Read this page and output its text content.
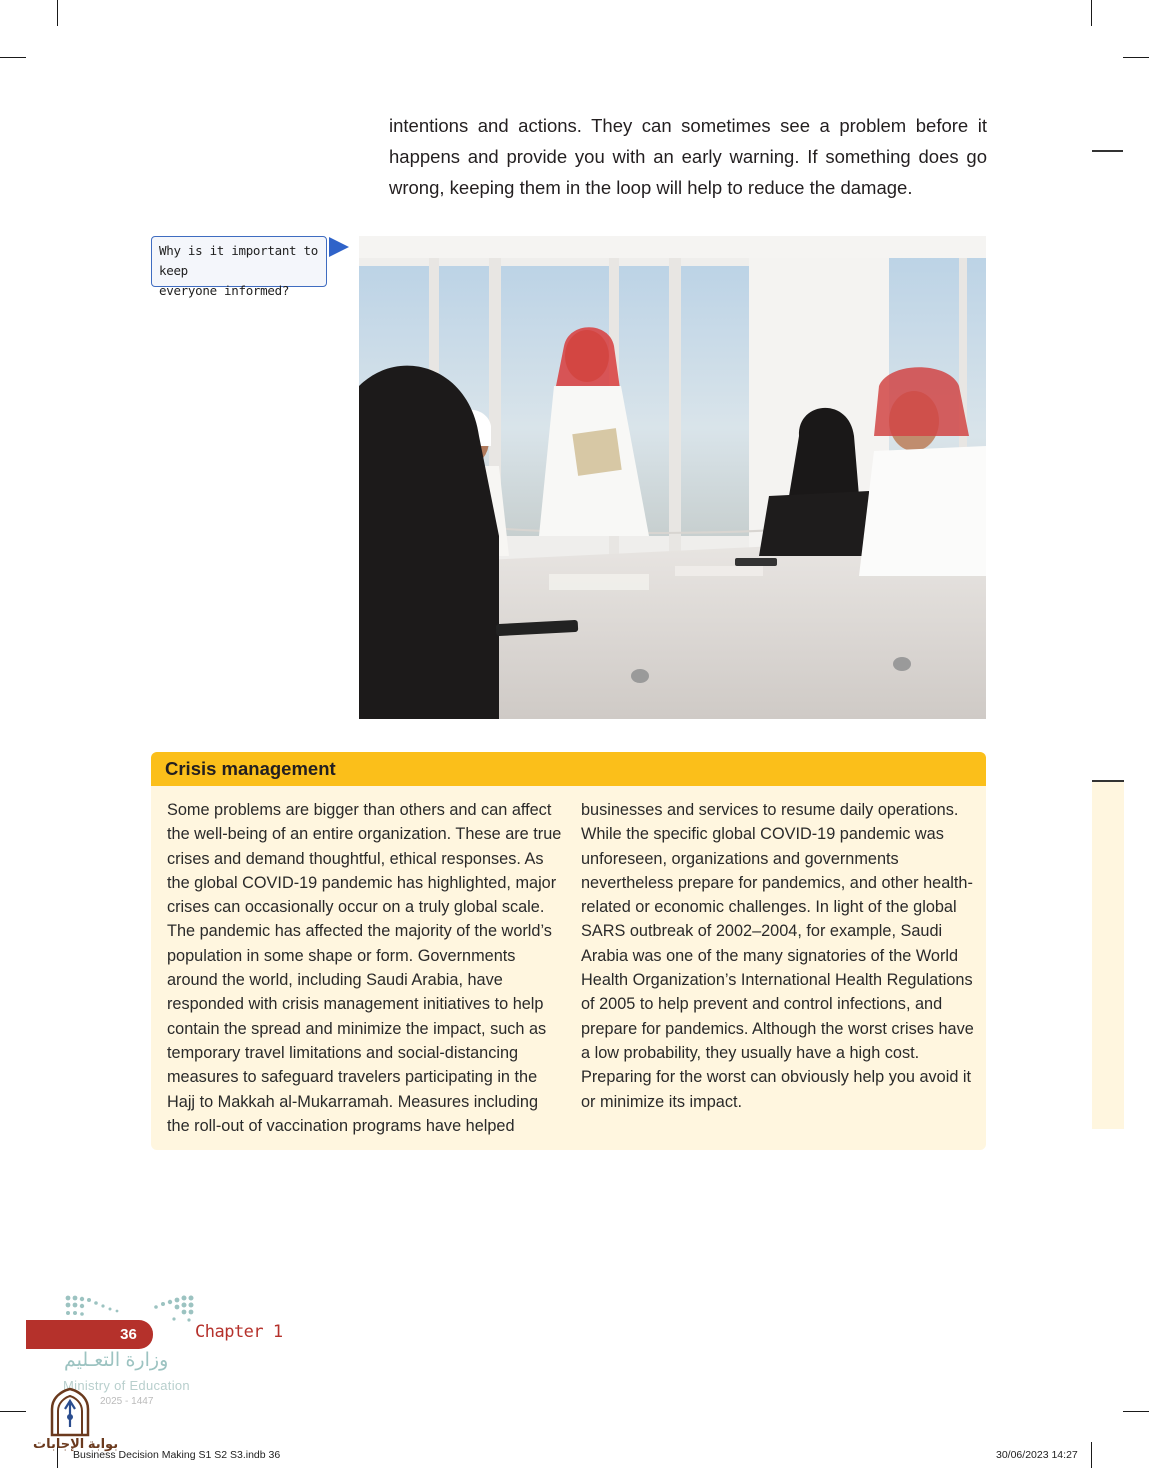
intentions and actions. They can sometimes see a problem before it happens and provide you with an early warning. If something does go wrong, keeping them in the loop will help to reduce the damage.

Why is it important to keep
everyone informed?
Crisis management

Some problems are bigger than others and can affect the well-being of an entire organization. These are true crises and demand thoughtful, ethical responses. As the global COVID-19 pandemic has highlighted, major crises can occasionally occur on a truly global scale. The pandemic has affected the majority of the world’s population in some shape or form. Governments around the world, including Saudi Arabia, have responded with crisis management initiatives to help contain the spread and minimize the impact, such as temporary travel limitations and social-distancing measures to safeguard travelers participating in the Hajj to Makkah al-Mukarramah. Measures including the roll-out of vaccination programs have helped

businesses and services to resume daily operations. While the specific global COVID-19 pandemic was unforeseen, organizations and governments nevertheless prepare for pandemics, and other health-related or economic challenges. In light of the global SARS outbreak of 2002–2004, for example, Saudi Arabia was one of the many signatories of the World Health Organization’s International Health Regulations of 2005 to help prevent and control infections, and prepare for pandemics. Although the worst crises have a low probability, they usually have a high cost. Preparing for the worst can obviously help you avoid it or minimize its impact.

36	Chapter 1
وزارة التعـليم
Ministry of Education
2025 - 1447
بوابة الإجابات
Business Decision Making S1 S2 S3.indb 36	30/06/2023 14:27
